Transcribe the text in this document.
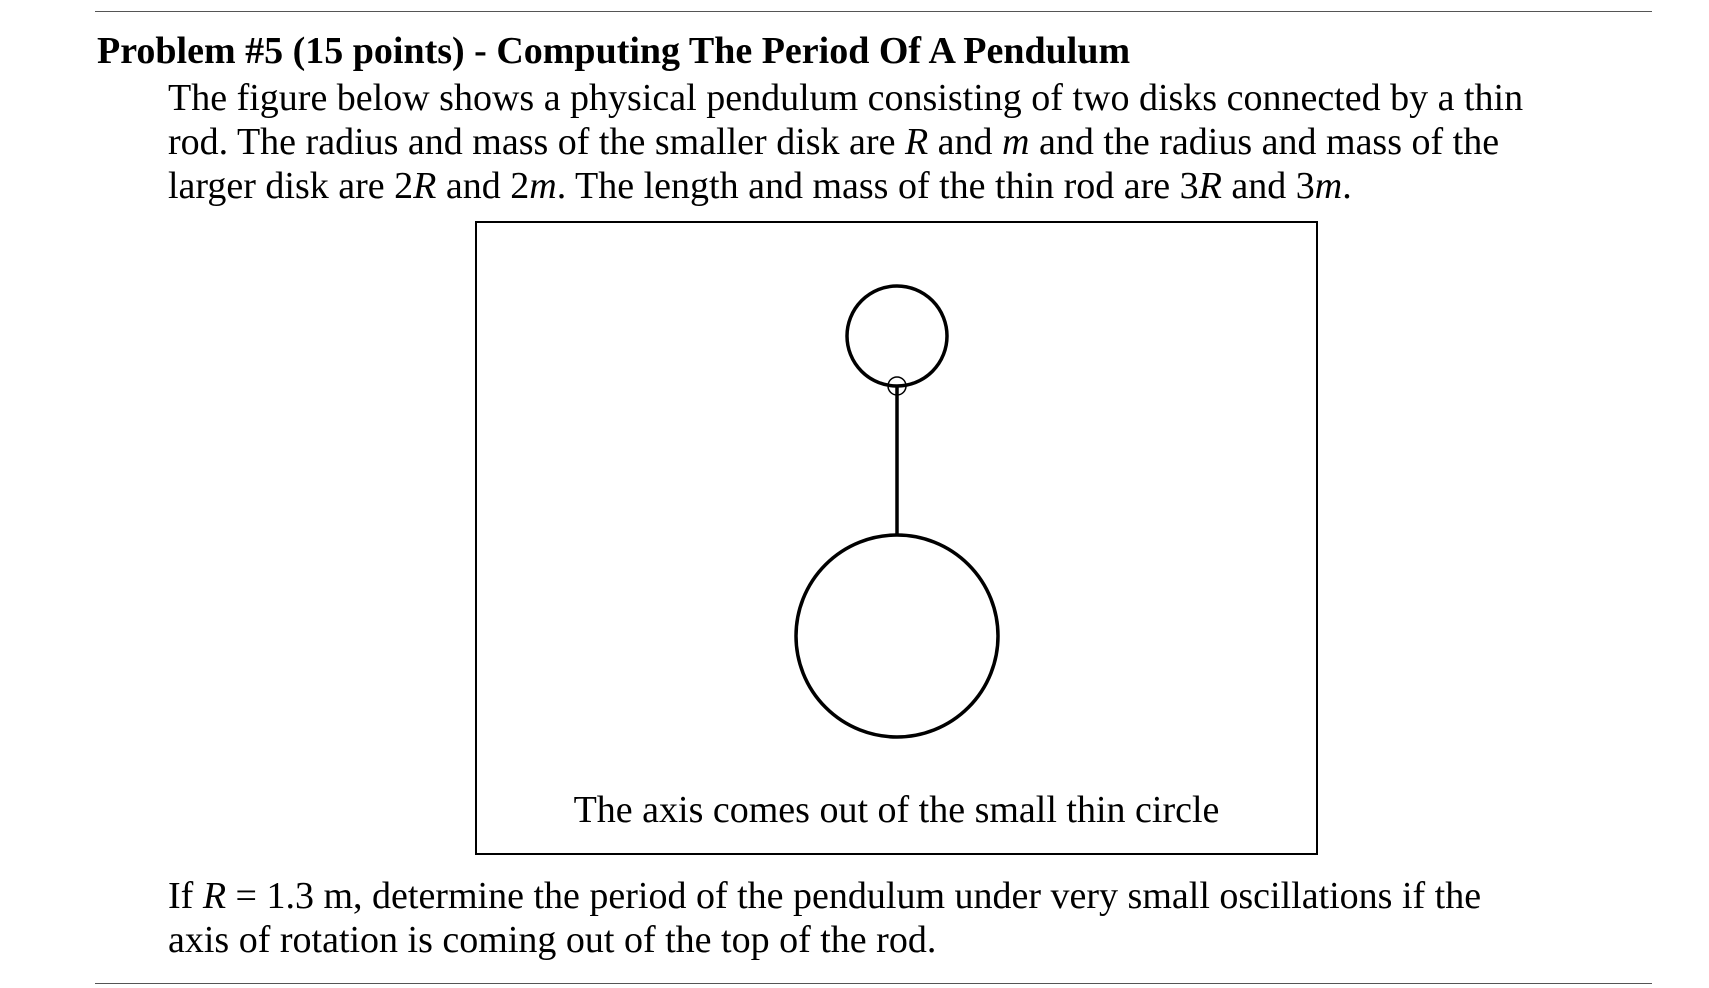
Problem #5 (15 points) - Computing The Period Of A Pendulum
The figure below shows a physical pendulum consisting of two disks connected by a thin
rod. The radius and mass of the smaller disk are R and m and the radius and mass of the
larger disk are 2R and 2m. The length and mass of the thin rod are 3R and 3m.
The axis comes out of the small thin circle
If R = 1.3 m, determine the period of the pendulum under very small oscillations if the
axis of rotation is coming out of the top of the rod.
